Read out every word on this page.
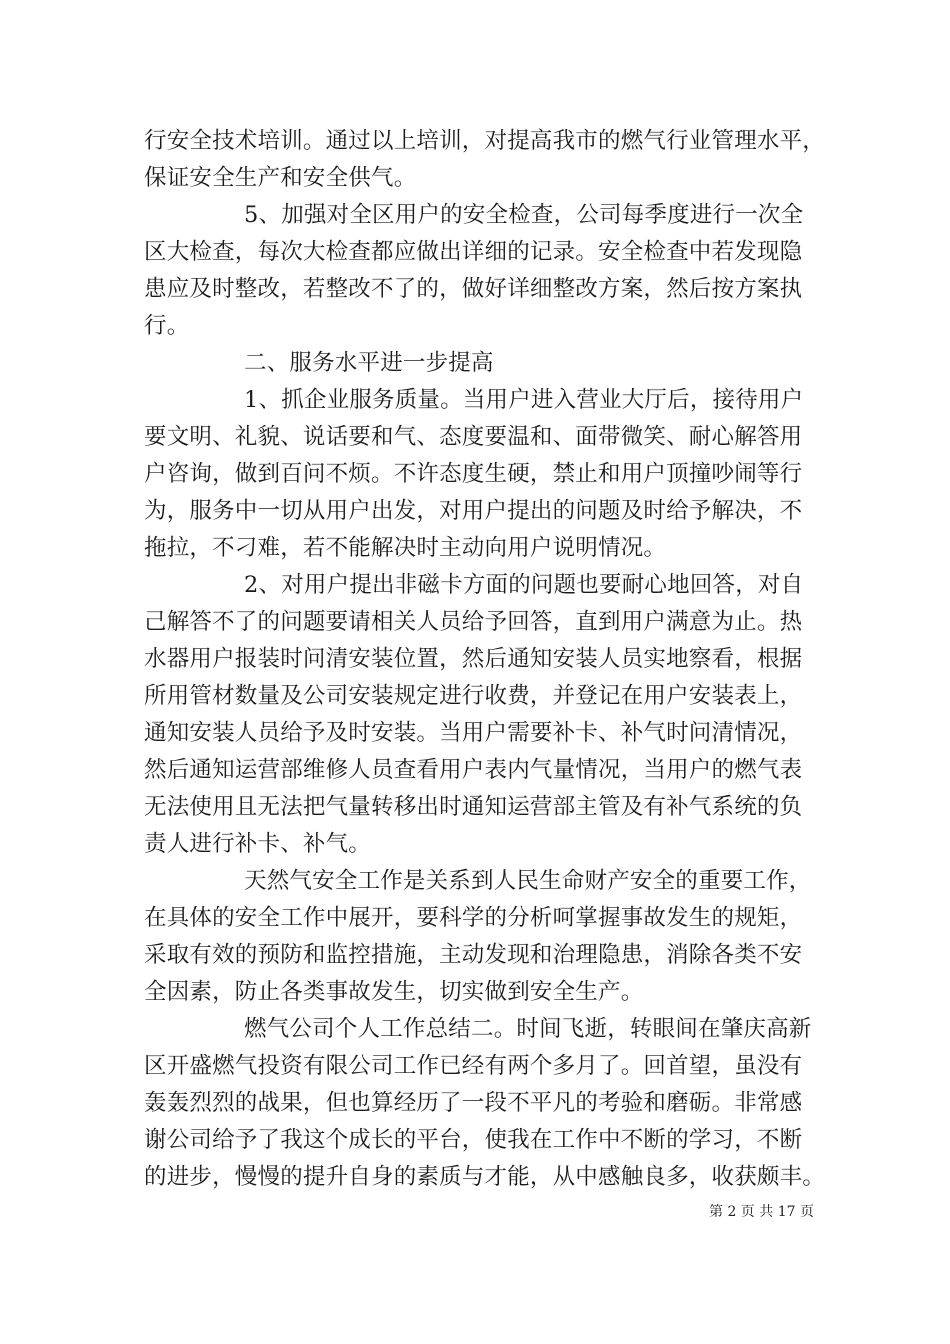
行安全技术培训。通过以上培训，对提高我市的燃气行业管理水平，
保证安全生产和安全供气。
5、加强对全区用户的安全检查，公司每季度进行一次全
区大检查，每次大检查都应做出详细的记录。安全检查中若发现隐
患应及时整改，若整改不了的，做好详细整改方案，然后按方案执
行。
二、服务水平进一步提高
1、抓企业服务质量。当用户进入营业大厅后，接待用户
要文明、礼貌、说话要和气、态度要温和、面带微笑、耐心解答用
户咨询，做到百问不烦。不许态度生硬，禁止和用户顶撞吵闹等行
为，服务中一切从用户出发，对用户提出的问题及时给予解决，不
拖拉，不刁难，若不能解决时主动向用户说明情况。
2、对用户提出非磁卡方面的问题也要耐心地回答，对自
己解答不了的问题要请相关人员给予回答，直到用户满意为止。热
水器用户报装时问清安装位置，然后通知安装人员实地察看，根据
所用管材数量及公司安装规定进行收费，并登记在用户安装表上，
通知安装人员给予及时安装。当用户需要补卡、补气时问清情况，
然后通知运营部维修人员查看用户表内气量情况，当用户的燃气表
无法使用且无法把气量转移出时通知运营部主管及有补气系统的负
责人进行补卡、补气。
天然气安全工作是关系到人民生命财产安全的重要工作，
在具体的安全工作中展开，要科学的分析呵掌握事故发生的规矩，
采取有效的预防和监控措施，主动发现和治理隐患，消除各类不安
全因素，防止各类事故发生，切实做到安全生产。
燃气公司个人工作总结二。时间飞逝，转眼间在肇庆高新
区开盛燃气投资有限公司工作已经有两个多月了。回首望，虽没有
轰轰烈烈的战果，但也算经历了一段不平凡的考验和磨砺。非常感
谢公司给予了我这个成长的平台，使我在工作中不断的学习，不断
的进步，慢慢的提升自身的素质与才能，从中感触良多，收获颇丰。
第 2 页 共 17 页
